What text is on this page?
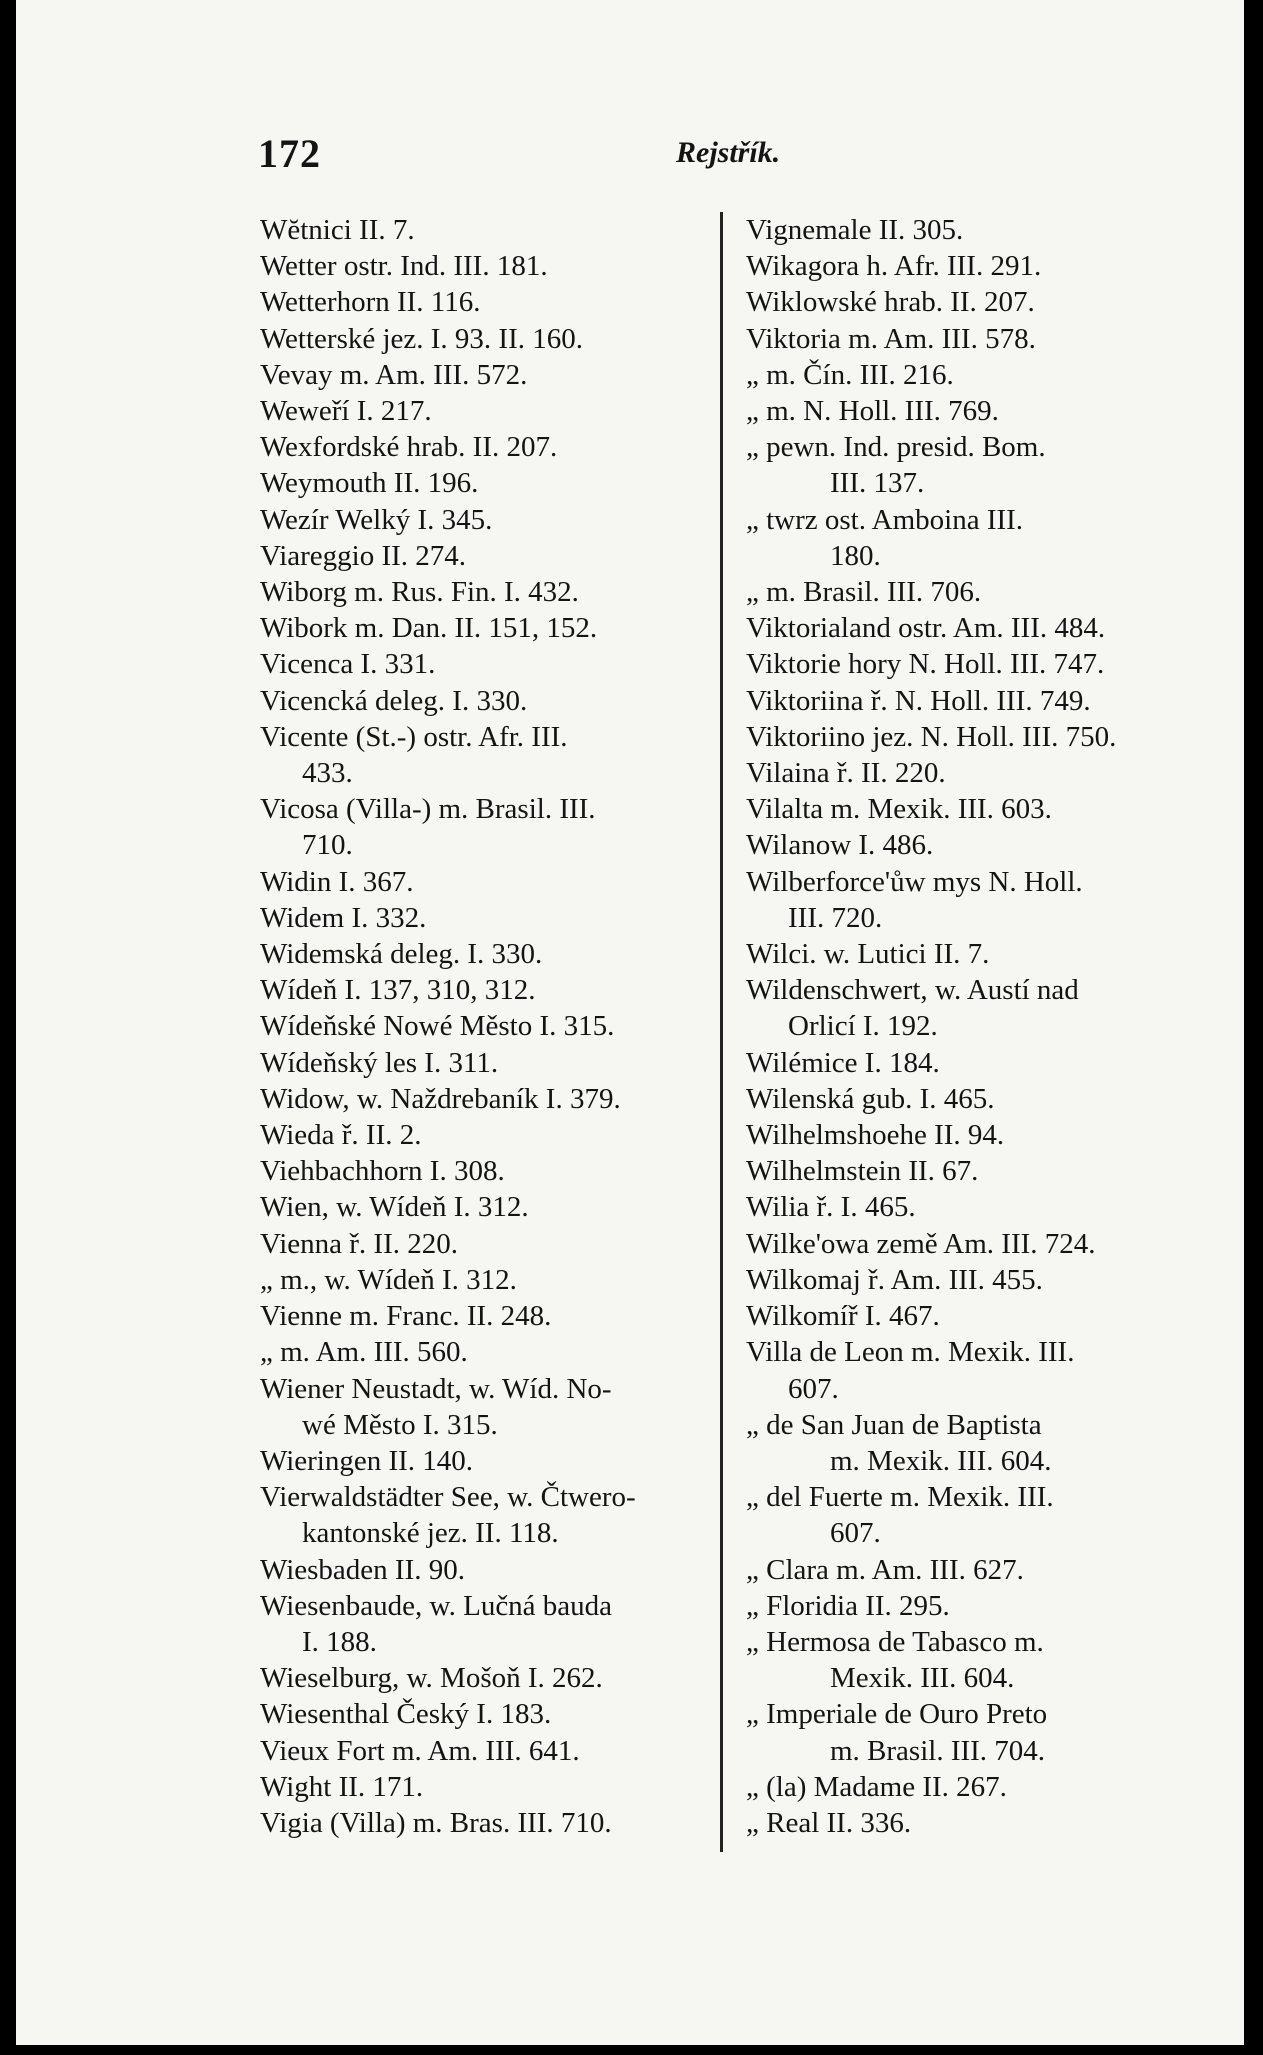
172	Rejstřík.
Wĕtnici II. 7.
Wetter ostr. Ind. III. 181.
Wetterhorn II. 116.
Wetterské jez. I. 93. II. 160.
Vevay m. Am. III. 572.
Weweří I. 217.
Wexfordské hrab. II. 207.
Weymouth II. 196.
Wezír Welký I. 345.
Viareggio II. 274.
Wiborg m. Rus. Fin. I. 432.
Wibork m. Dan. II. 151, 152.
Vicenca I. 331.
Vicencká deleg. I. 330.
Vicente (St.-) ostr. Afr. III.
433.
Vicosa (Villa-) m. Brasil. III.
710.
Widin I. 367.
Widem I. 332.
Widemská deleg. I. 330.
Wídeň I. 137, 310, 312.
Wídeňské Nowé Město I. 315.
Wídeňský les I. 311.
Widow, w. Naždrebaník I. 379.
Wieda ř. II. 2.
Viehbachhorn I. 308.
Wien, w. Wídeň I. 312.
Vienna ř. II. 220.
„ m., w. Wídeň I. 312.
Vienne m. Franc. II. 248.
„ m. Am. III. 560.
Wiener Neustadt, w. Wíd. No-
wé Město I. 315.
Wieringen II. 140.
Vierwaldstädter See, w. Čtwero-
kantonské jez. II. 118.
Wiesbaden II. 90.
Wiesenbaude, w. Lučná bauda
I. 188.
Wieselburg, w. Mošoň I. 262.
Wiesenthal Český I. 183.
Vieux Fort m. Am. III. 641.
Wight II. 171.
Vigia (Villa) m. Bras. III. 710.
Vignemale II. 305.
Wikagora h. Afr. III. 291.
Wiklowské hrab. II. 207.
Viktoria m. Am. III. 578.
„ m. Čín. III. 216.
„ m. N. Holl. III. 769.
„ pewn. Ind. presid. Bom.
III. 137.
„ twrz ost. Amboina III.
180.
„ m. Brasil. III. 706.
Viktorialand ostr. Am. III. 484.
Viktorie hory N. Holl. III. 747.
Viktoriina ř. N. Holl. III. 749.
Viktoriino jez. N. Holl. III. 750.
Vilaina ř. II. 220.
Vilalta m. Mexik. III. 603.
Wilanow I. 486.
Wilberforce'ůw mys N. Holl.
III. 720.
Wilci. w. Lutici II. 7.
Wildenschwert, w. Austí nad
Orlicí I. 192.
Wilémice I. 184.
Wilenská gub. I. 465.
Wilhelmshoehe II. 94.
Wilhelmstein II. 67.
Wilia ř. I. 465.
Wilke'owa země Am. III. 724.
Wilkomaj ř. Am. III. 455.
Wilkomíř I. 467.
Villa de Leon m. Mexik. III.
607.
„ de San Juan de Baptista
m. Mexik. III. 604.
„ del Fuerte m. Mexik. III.
607.
„ Clara m. Am. III. 627.
„ Floridia II. 295.
„ Hermosa de Tabasco m.
Mexik. III. 604.
„ Imperiale de Ouro Preto
m. Brasil. III. 704.
„ (la) Madame II. 267.
„ Real II. 336.
